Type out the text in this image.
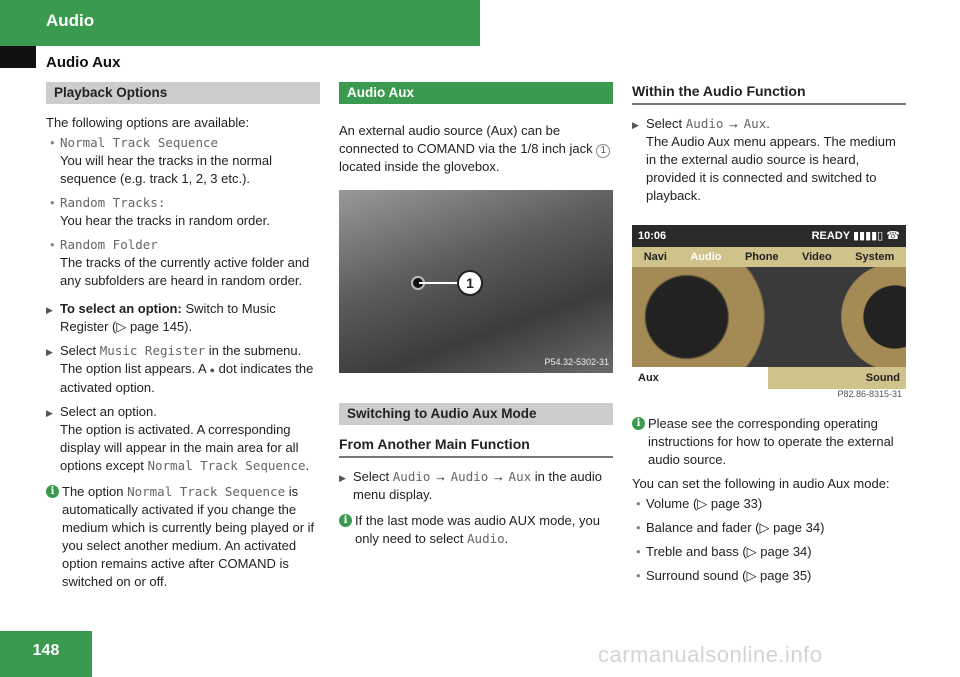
Audio
Audio Aux
Playback Options

The following options are available:

• Normal Track Sequence
You will hear the tracks in the normal sequence (e.g. track 1, 2, 3 etc.).
• Random Tracks:
You hear the tracks in random order.
• Random Folder
The tracks of the currently active folder and any subfolders are heard in random order.
▶ To select an option: Switch to Music Register (▷ page 145).
▶ Select Music Register in the submenu.
The option list appears. A ● dot indicates the activated option.
▶ Select an option.
The option is activated. A corresponding display will appear in the main area for all options except Normal Track Sequence.
i The option Normal Track Sequence is automatically activated if you change the medium which is currently being played or if you select another medium. An activated option remains active after COMAND is switched on or off.
Audio Aux

An external audio source (Aux) can be connected to COMAND via the 1/8 inch jack 1 located inside the glovebox.

1
P54.32-5302-31
Switching to Audio Aux Mode
From Another Main Function
▶ Select Audio → Audio → Aux in the audio menu display.
i If the last mode was audio AUX mode, you only need to select Audio.
Within the Audio Function
▶ Select Audio → Aux.
The Audio Aux menu appears. The medium in the external audio source is heard, provided it is connected and switched to playback.
10:06	READY ▮▮▮▮▯ ☎
Navi Audio Phone Video System
Aux	Sound
P82.86-8315-31
i Please see the corresponding operating instructions for how to operate the external audio source.

You can set the following in audio Aux mode:

• Volume (▷ page 33)
• Balance and fader (▷ page 34)
• Treble and bass (▷ page 34)
• Surround sound (▷ page 35)
148	carmanualsonline.info
